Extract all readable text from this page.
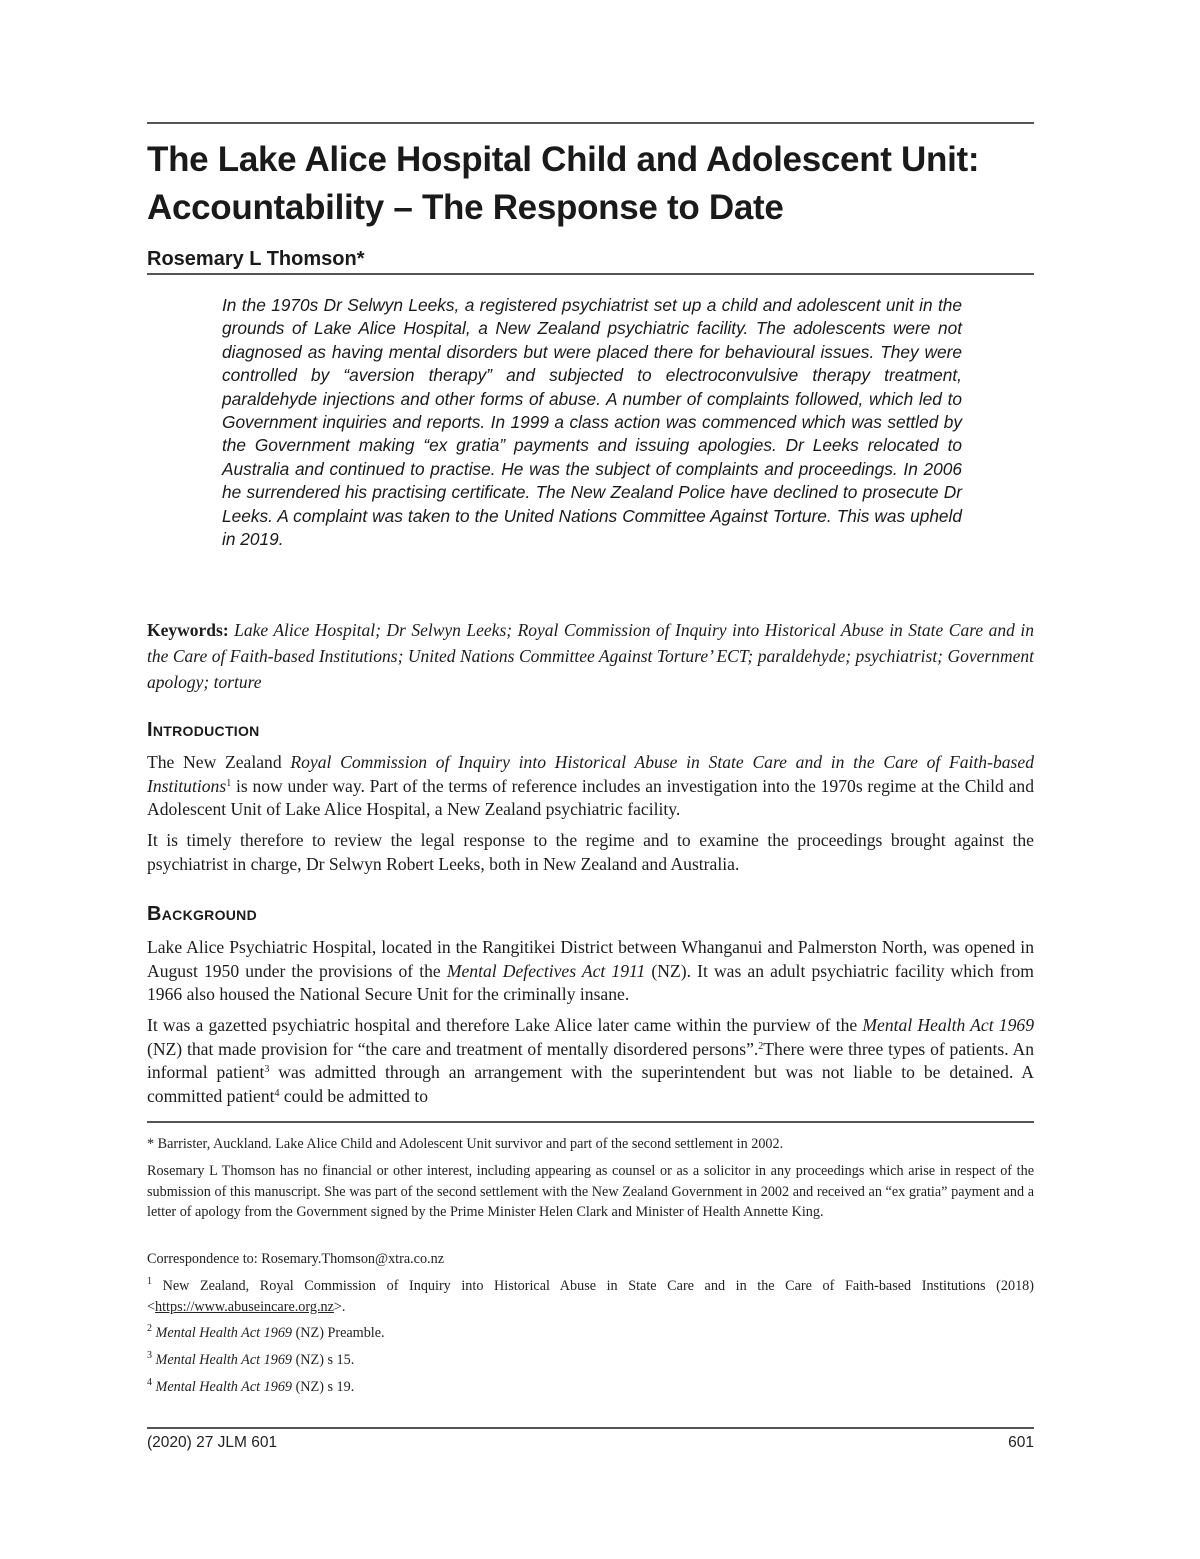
The Lake Alice Hospital Child and Adolescent Unit: Accountability – The Response to Date
Rosemary L Thomson*

In the 1970s Dr Selwyn Leeks, a registered psychiatrist set up a child and adolescent unit in the grounds of Lake Alice Hospital, a New Zealand psychiatric facility. The adolescents were not diagnosed as having mental disorders but were placed there for behavioural issues. They were controlled by “aversion therapy” and subjected to electroconvulsive therapy treatment, paraldehyde injections and other forms of abuse. A number of complaints followed, which led to Government inquiries and reports. In 1999 a class action was commenced which was settled by the Government making “ex gratia” payments and issuing apologies. Dr Leeks relocated to Australia and continued to practise. He was the subject of complaints and proceedings. In 2006 he surrendered his practising certificate. The New Zealand Police have declined to prosecute Dr Leeks. A complaint was taken to the United Nations Committee Against Torture. This was upheld in 2019.

Keywords: Lake Alice Hospital; Dr Selwyn Leeks; Royal Commission of Inquiry into Historical Abuse in State Care and in the Care of Faith-based Institutions; United Nations Committee Against Torture’ ECT; paraldehyde; psychiatrist; Government apology; torture

Introduction

The New Zealand Royal Commission of Inquiry into Historical Abuse in State Care and in the Care of Faith-based Institutions$^1$ is now under way. Part of the terms of reference includes an investigation into the 1970s regime at the Child and Adolescent Unit of Lake Alice Hospital, a New Zealand psychiatric facility.

It is timely therefore to review the legal response to the regime and to examine the proceedings brought against the psychiatrist in charge, Dr Selwyn Robert Leeks, both in New Zealand and Australia.

Background

Lake Alice Psychiatric Hospital, located in the Rangitikei District between Whanganui and Palmerston North, was opened in August 1950 under the provisions of the Mental Defectives Act 1911 (NZ). It was an adult psychiatric facility which from 1966 also housed the National Secure Unit for the criminally insane.

It was a gazetted psychiatric hospital and therefore Lake Alice later came within the purview of the Mental Health Act 1969 (NZ) that made provision for “the care and treatment of mentally disordered persons”.$^2$There were three types of patients. An informal patient$^3$ was admitted through an arrangement with the superintendent but was not liable to be detained. A committed patient$^4$ could be admitted to

* Barrister, Auckland. Lake Alice Child and Adolescent Unit survivor and part of the second settlement in 2002.

Rosemary L Thomson has no financial or other interest, including appearing as counsel or as a solicitor in any proceedings which arise in respect of the submission of this manuscript. She was part of the second settlement with the New Zealand Government in 2002 and received an “ex gratia” payment and a letter of apology from the Government signed by the Prime Minister Helen Clark and Minister of Health Annette King.

Correspondence to: Rosemary.Thomson@xtra.co.nz

$^1$ New Zealand, Royal Commission of Inquiry into Historical Abuse in State Care and in the Care of Faith-based Institutions (2018) <https://www.abuseincare.org.nz>.

$^2$ Mental Health Act 1969 (NZ) Preamble.

$^3$ Mental Health Act 1969 (NZ) s 15.

$^4$ Mental Health Act 1969 (NZ) s 19.

(2020) 27 JLM 601	601
